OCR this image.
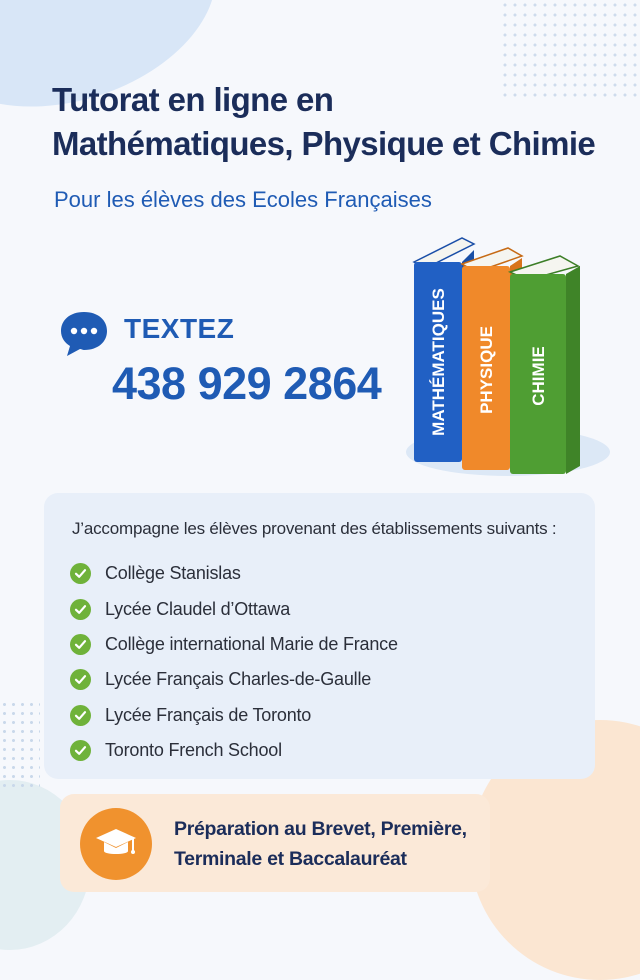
Tutorat en ligne en
Mathématiques, Physique et Chimie

Pour les élèves des Ecoles Françaises

TEXTEZ
438 929 2864	MATHÉMATIQUES PHYSIQUE CHIMIE
J’accompagne les élèves provenant des établissements suivants :
Collège Stanislas
Lycée Claudel d’Ottawa
Collège international Marie de France
Lycée Français Charles-de-Gaulle
Lycée Français de Toronto
Toronto French School
Préparation au Brevet, Première,
Terminale et Baccalauréat
